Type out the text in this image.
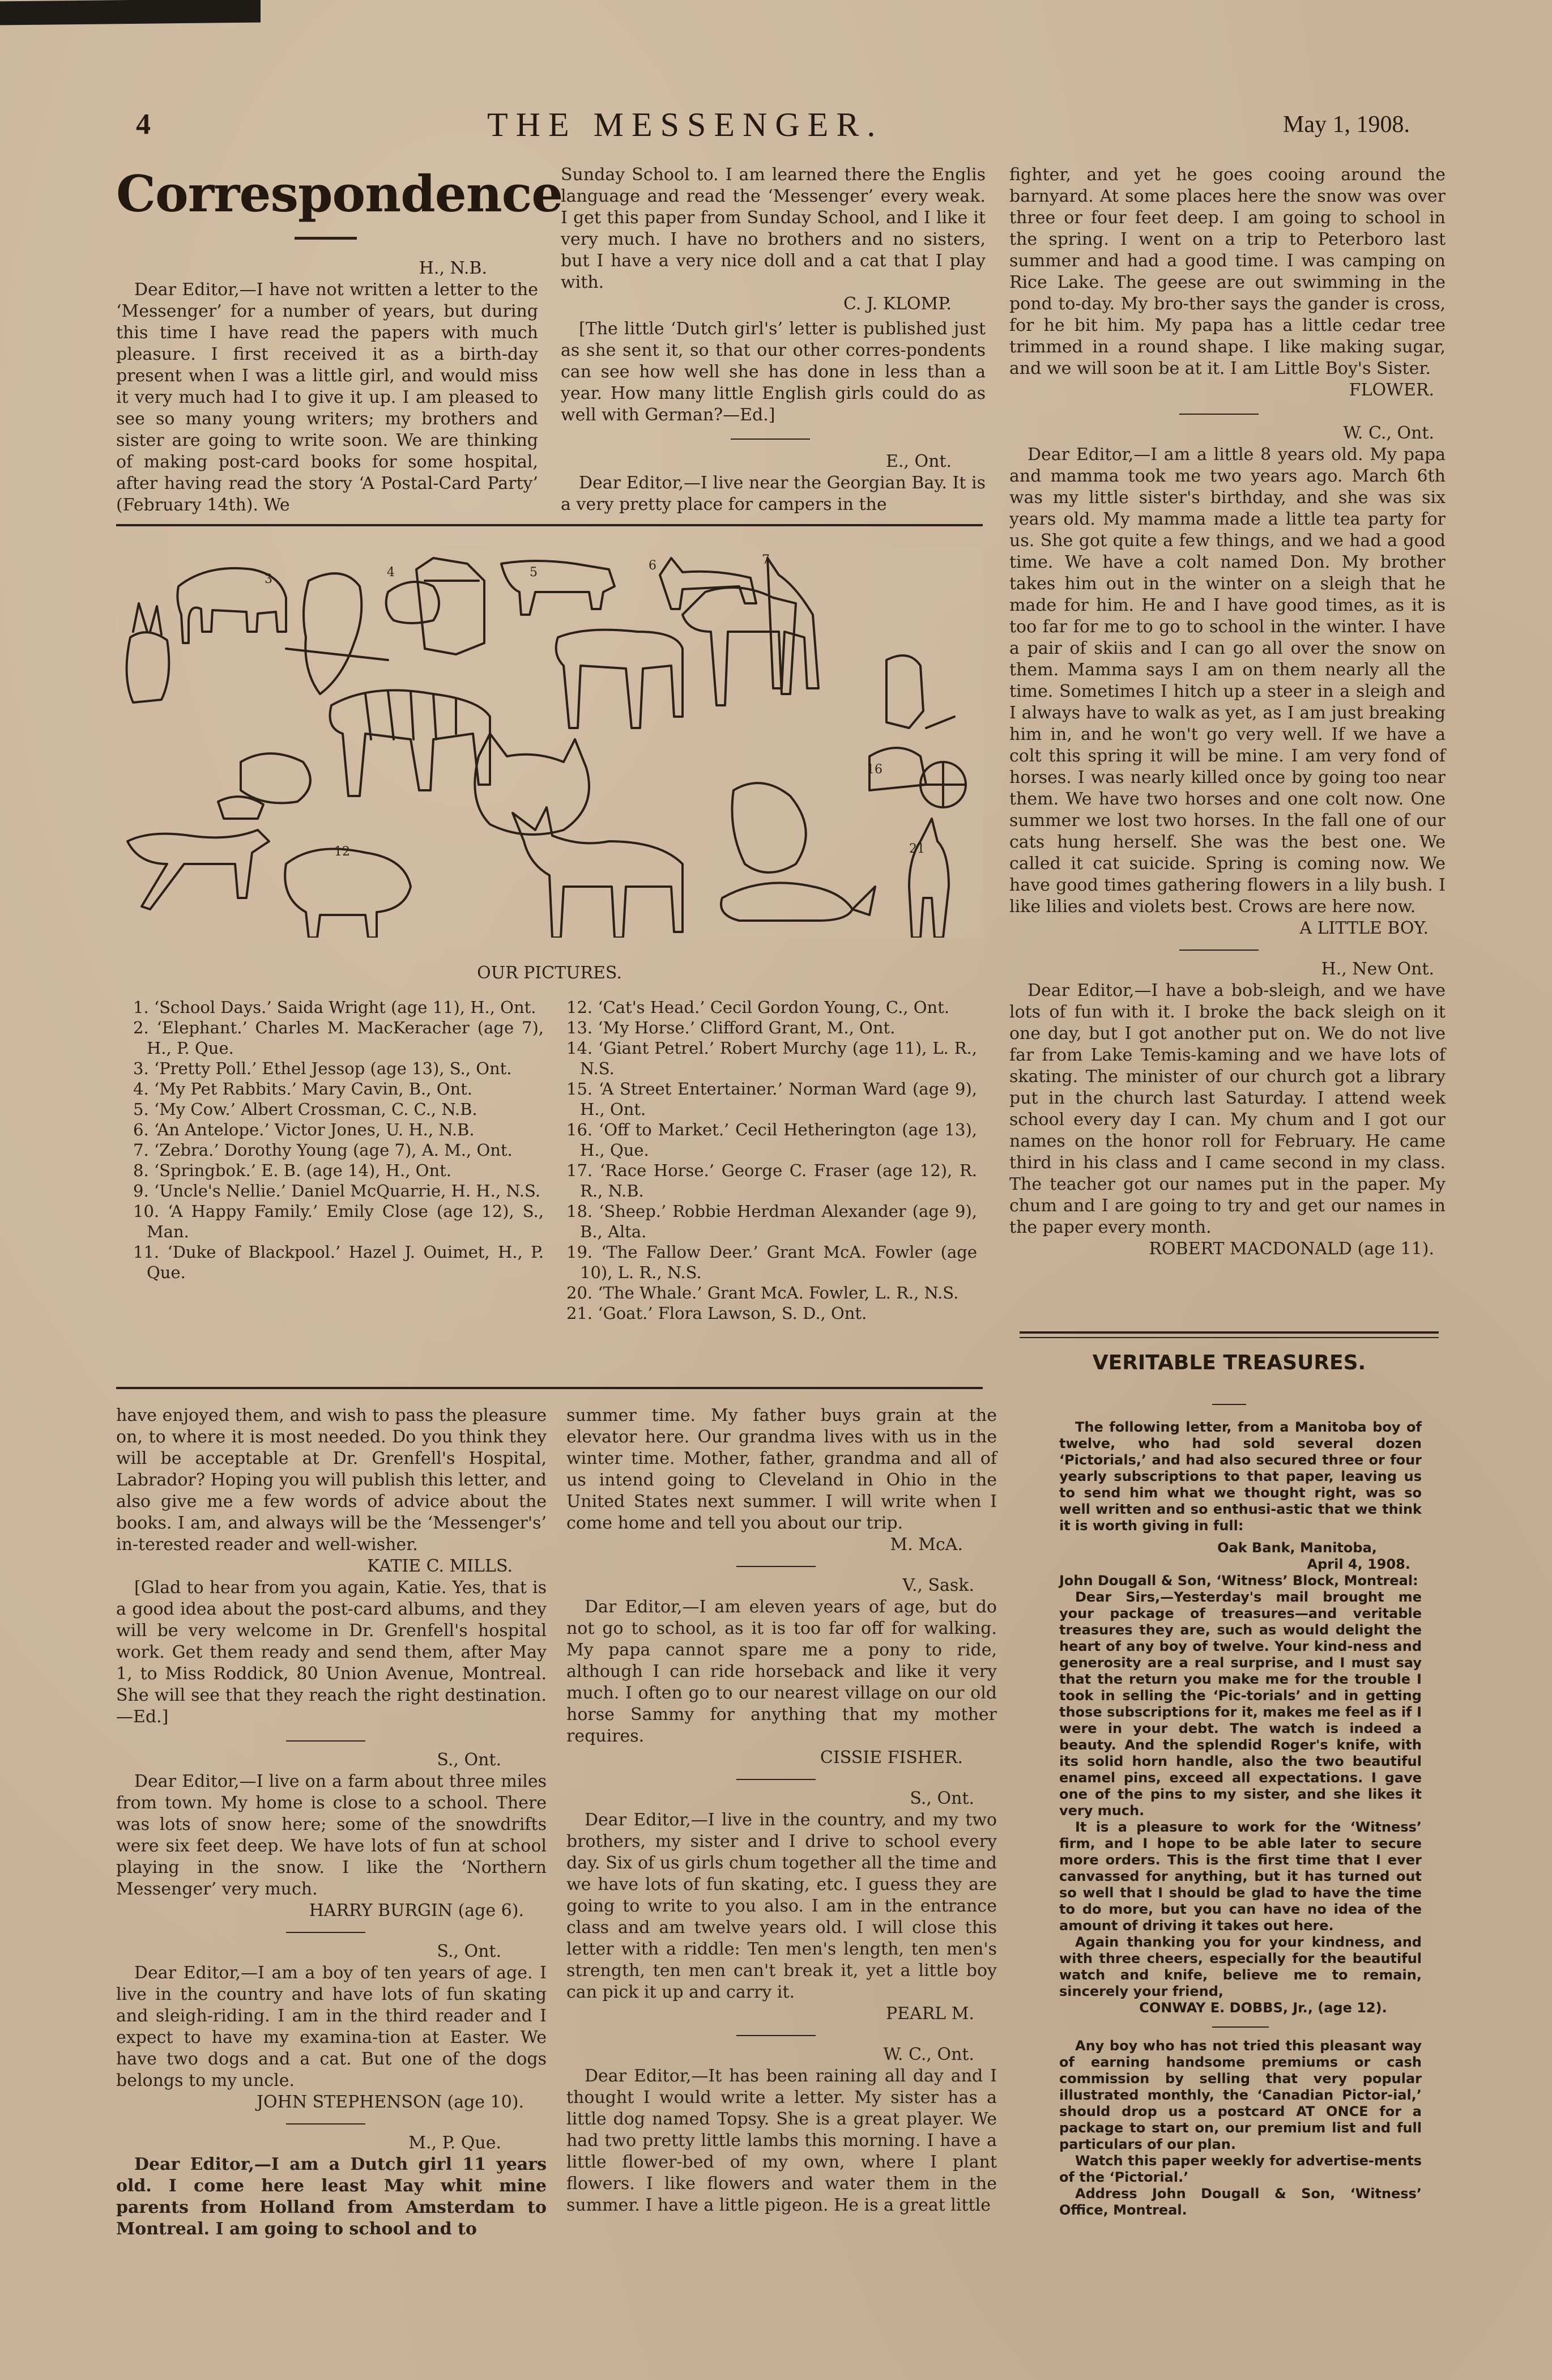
4	THE MESSENGER.	May 1, 1908.
Correspondence

H., N.B.

Dear Editor,—I have not written a letter to the ‘Messenger’ for a number of years, but during this time I have read the papers with much pleasure. I first received it as a birth-day present when I was a little girl, and would miss it very much had I to give it up. I am pleased to see so many young writers; my brothers and sister are going to write soon. We are thinking of making post-card books for some hospital, after having read the story ‘A Postal-Card Party’ (February 14th). We

Sunday School to. I am learned there the Englis language and read the ‘Messenger’ every weak. I get this paper from Sunday School, and I like it very much. I have no brothers and no sisters, but I have a very nice doll and a cat that I play with.

C. J. KLOMP.

[The little ‘Dutch girl's’ letter is published just as she sent it, so that our other corres-pondents can see how well she has done in less than a year. How many little English girls could do as well with German?—Ed.]

E., Ont.

Dear Editor,—I live near the Georgian Bay. It is a very pretty place for campers in the

3	4	5	6	7
12
16
21
OUR PICTURES.
1. ‘School Days.’ Saida Wright (age 11), H., Ont.
2. ‘Elephant.’ Charles M. MacKeracher (age 7), H., P. Que.
3. ‘Pretty Poll.’ Ethel Jessop (age 13), S., Ont.
4. ‘My Pet Rabbits.’ Mary Cavin, B., Ont.
5. ‘My Cow.’ Albert Crossman, C. C., N.B.
6. ‘An Antelope.’ Victor Jones, U. H., N.B.
7. ‘Zebra.’ Dorothy Young (age 7), A. M., Ont.
8. ‘Springbok.’ E. B. (age 14), H., Ont.
9. ‘Uncle's Nellie.’ Daniel McQuarrie, H. H., N.S.
10. ‘A Happy Family.’ Emily Close (age 12), S., Man.
11. ‘Duke of Blackpool.’ Hazel J. Ouimet, H., P. Que.
12. ‘Cat's Head.’ Cecil Gordon Young, C., Ont.
13. ‘My Horse.’ Clifford Grant, M., Ont.
14. ‘Giant Petrel.’ Robert Murchy (age 11), L. R., N.S.
15. ‘A Street Entertainer.’ Norman Ward (age 9), H., Ont.
16. ‘Off to Market.’ Cecil Hetherington (age 13), H., Que.
17. ‘Race Horse.’ George C. Fraser (age 12), R. R., N.B.
18. ‘Sheep.’ Robbie Herdman Alexander (age 9), B., Alta.
19. ‘The Fallow Deer.’ Grant McA. Fowler (age 10), L. R., N.S.
20. ‘The Whale.’ Grant McA. Fowler, L. R., N.S.
21. ‘Goat.’ Flora Lawson, S. D., Ont.

fighter, and yet he goes cooing around the barnyard. At some places here the snow was over three or four feet deep. I am going to school in the spring. I went on a trip to Peterboro last summer and had a good time. I was camping on Rice Lake. The geese are out swimming in the pond to-day. My bro-ther says the gander is cross, for he bit him. My papa has a little cedar tree trimmed in a round shape. I like making sugar, and we will soon be at it. I am Little Boy's Sister.

FLOWER.

W. C., Ont.

Dear Editor,—I am a little 8 years old. My papa and mamma took me two years ago. March 6th was my little sister's birthday, and she was six years old. My mamma made a little tea party for us. She got quite a few things, and we had a good time. We have a colt named Don. My brother takes him out in the winter on a sleigh that he made for him. He and I have good times, as it is too far for me to go to school in the winter. I have a pair of skiis and I can go all over the snow on them. Mamma says I am on them nearly all the time. Sometimes I hitch up a steer in a sleigh and I always have to walk as yet, as I am just breaking him in, and he won't go very well. If we have a colt this spring it will be mine. I am very fond of horses. I was nearly killed once by going too near them. We have two horses and one colt now. One summer we lost two horses. In the fall one of our cats hung herself. She was the best one. We called it cat suicide. Spring is coming now. We have good times gathering flowers in a lily bush. I like lilies and violets best. Crows are here now.

A LITTLE BOY.

H., New Ont.

Dear Editor,—I have a bob-sleigh, and we have lots of fun with it. I broke the back sleigh on it one day, but I got another put on. We do not live far from Lake Temis-kaming and we have lots of skating. The minister of our church got a library put in the church last Saturday. I attend week school every day I can. My chum and I got our names on the honor roll for February. He came third in his class and I came second in my class. The teacher got our names put in the paper. My chum and I are going to try and get our names in the paper every month.

ROBERT MACDONALD (age 11).

have enjoyed them, and wish to pass the pleasure on, to where it is most needed. Do you think they will be acceptable at Dr. Grenfell's Hospital, Labrador? Hoping you will publish this letter, and also give me a few words of advice about the books. I am, and always will be the ‘Messenger's’ in-terested reader and well-wisher.

KATIE C. MILLS.

[Glad to hear from you again, Katie. Yes, that is a good idea about the post-card albums, and they will be very welcome in Dr. Grenfell's hospital work. Get them ready and send them, after May 1, to Miss Roddick, 80 Union Avenue, Montreal. She will see that they reach the right destination.—Ed.]

S., Ont.

Dear Editor,—I live on a farm about three miles from town. My home is close to a school. There was lots of snow here; some of the snowdrifts were six feet deep. We have lots of fun at school playing in the snow. I like the ‘Northern Messenger’ very much.

HARRY BURGIN (age 6).

S., Ont.

Dear Editor,—I am a boy of ten years of age. I live in the country and have lots of fun skating and sleigh-riding. I am in the third reader and I expect to have my examina-tion at Easter. We have two dogs and a cat. But one of the dogs belongs to my uncle.

JOHN STEPHENSON (age 10).

M., P. Que.

Dear Editor,—I am a Dutch girl 11 years old. I come here least May whit mine parents from Holland from Amsterdam to Montreal. I am going to school and to

summer time. My father buys grain at the elevator here. Our grandma lives with us in the winter time. Mother, father, grandma and all of us intend going to Cleveland in Ohio in the United States next summer. I will write when I come home and tell you about our trip.

M. McA.

V., Sask.

Dar Editor,—I am eleven years of age, but do not go to school, as it is too far off for walking. My papa cannot spare me a pony to ride, although I can ride horseback and like it very much. I often go to our nearest village on our old horse Sammy for anything that my mother requires.

CISSIE FISHER.

S., Ont.

Dear Editor,—I live in the country, and my two brothers, my sister and I drive to school every day. Six of us girls chum together all the time and we have lots of fun skating, etc. I guess they are going to write to you also. I am in the entrance class and am twelve years old. I will close this letter with a riddle: Ten men's length, ten men's strength, ten men can't break it, yet a little boy can pick it up and carry it.

PEARL M.

W. C., Ont.

Dear Editor,—It has been raining all day and I thought I would write a letter. My sister has a little dog named Topsy. She is a great player. We had two pretty little lambs this morning. I have a little flower-bed of my own, where I plant flowers. I like flowers and water them in the summer. I have a little pigeon. He is a great little

VERITABLE TREASURES.

The following letter, from a Manitoba boy of twelve, who had sold several dozen ‘Pictorials,’ and had also secured three or four yearly subscriptions to that paper, leaving us to send him what we thought right, was so well written and so enthusi-astic that we think it is worth giving in full:

Oak Bank, Manitoba,

April 4, 1908.

John Dougall & Son, ‘Witness’ Block, Montreal:

Dear Sirs,—Yesterday's mail brought me your package of treasures—and veritable treasures they are, such as would delight the heart of any boy of twelve. Your kind-ness and generosity are a real surprise, and I must say that the return you make me for the trouble I took in selling the ‘Pic-torials’ and in getting those subscriptions for it, makes me feel as if I were in your debt. The watch is indeed a beauty. And the splendid Roger's knife, with its solid horn handle, also the two beautiful enamel pins, exceed all expectations. I gave one of the pins to my sister, and she likes it very much.

It is a pleasure to work for the ‘Witness’ firm, and I hope to be able later to secure more orders. This is the first time that I ever canvassed for anything, but it has turned out so well that I should be glad to have the time to do more, but you can have no idea of the amount of driving it takes out here.

Again thanking you for your kindness, and with three cheers, especially for the beautiful watch and knife, believe me to remain, sincerely your friend,

CONWAY E. DOBBS, Jr., (age 12).

Any boy who has not tried this pleasant way of earning handsome premiums or cash commission by selling that very popular illustrated monthly, the ‘Canadian Pictor-ial,’ should drop us a postcard AT ONCE for a package to start on, our premium list and full particulars of our plan.

Watch this paper weekly for advertise-ments of the ‘Pictorial.’

Address John Dougall & Son, ‘Witness’ Office, Montreal.
